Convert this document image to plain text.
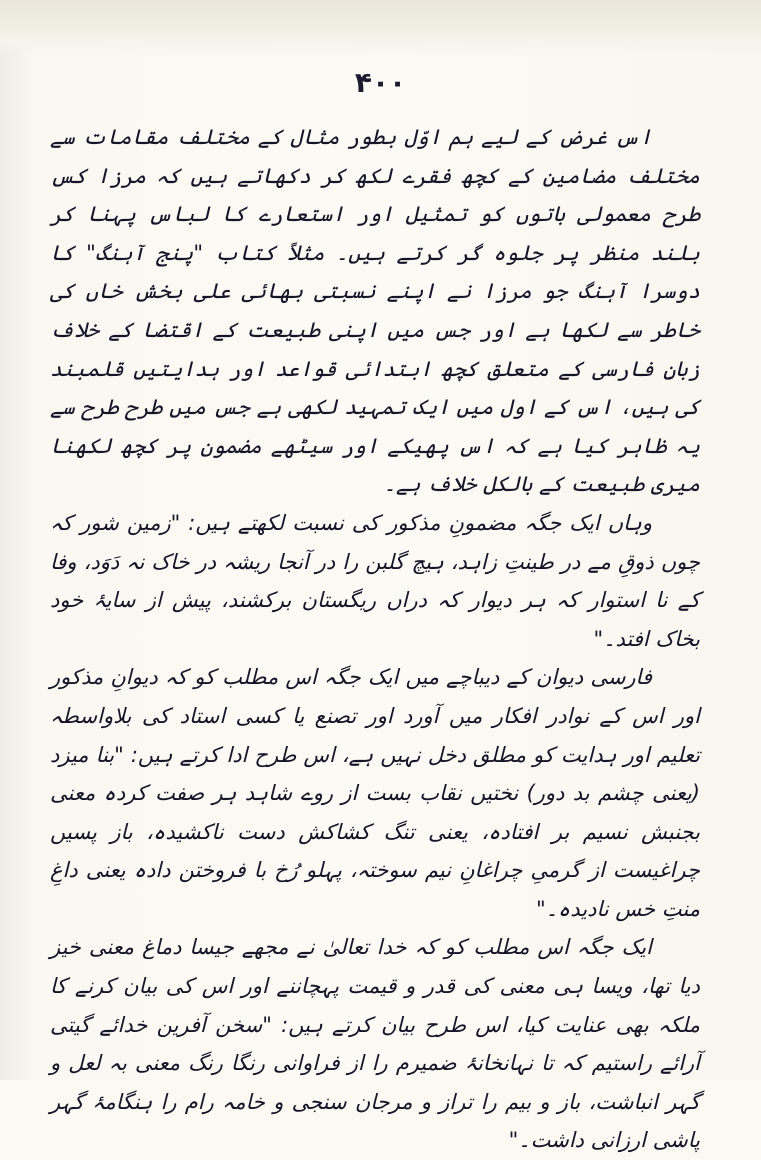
۴۰۰

اس غرض کے لیے ہم اوّل بطور مثال کے مختلف مقامات سے مختلف مضامین کے کچھ فقرے لکھ کر دکھاتے ہیں کہ مرزا کس طرح معمولی باتوں کو تمثیل اور استعارے کا لباس پہنا کر بلند منظر پر جلوہ گر کرتے ہیں۔ مثلاً کتاب "پنج آہنگ" کا دوسرا آہنگ جو مرزا نے اپنے نسبتی بھائی علی بخش خاں کی خاطر سے لکھا ہے اور جس میں اپنی طبیعت کے اقتضا کے خلاف زبانِ فارسی کے متعلق کچھ ابتدائی قواعد اور ہدایتیں قلمبند کی ہیں، اس کے اول میں ایک تمہید لکھی ہے جس میں طرح طرح سے یہ ظاہر کیا ہے کہ اس پھیکے اور سیٹھے مضمون پر کچھ لکھنا میری طبیعت کے بالکل خلاف ہے۔

وہاں ایک جگہ مضمونِ مذکور کی نسبت لکھتے ہیں: "زمین شور کہ چوں ذوقِ مے در طینتِ زاہد، ہیچ گلبن را در آنجا ریشہ در خاک نہ دَوَد، وفا کے نا استوار کہ ہر دیوار کہ دراں ریگستان برکشند، پیش از سایۂ خود بخاک افتد۔"

فارسی دیوان کے دیباچے میں ایک جگہ اس مطلب کو کہ دیوانِ مذکور اور اس کے نوادر افکار میں آورد اور تصنع یا کسی استاد کی بلاواسطہ تعلیم اور ہدایت کو مطلق دخل نہیں ہے، اس طرح ادا کرتے ہیں: "بنا میزد (یعنی چشم بد دور) نختیں نقاب بست از روے شاہد ہر صفت کردہ معنی بجنبش نسیم بر افتادہ، یعنی تنگ کشاکش دست ناکشیدہ، باز پسیں چراغیست از گرمیِ چراغانِ نیم سوختہ، پہلو رُخ با فروختن دادہ یعنی داغِ منتِ خس نادیدہ۔"

ایک جگہ اس مطلب کو کہ خدا تعالیٰ نے مجھے جیسا دماغ معنی خیز دیا تھا، ویسا ہی معنی کی قدر و قیمت پہچاننے اور اس کی بیان کرنے کا ملکہ بھی عنایت کیا، اس طرح بیان کرتے ہیں: "سخن آفرین خدائے گیتی آرائے راستیم کہ تا نہانخانۂ ضمیرم را از فراوانی رنگا رنگ معنی بہ لعل و گہر انباشت، باز و بیم را تراز و مرجان سنجی و خامہ رام را ہنگامۂ گہر پاشی ارزانی داشت۔"
